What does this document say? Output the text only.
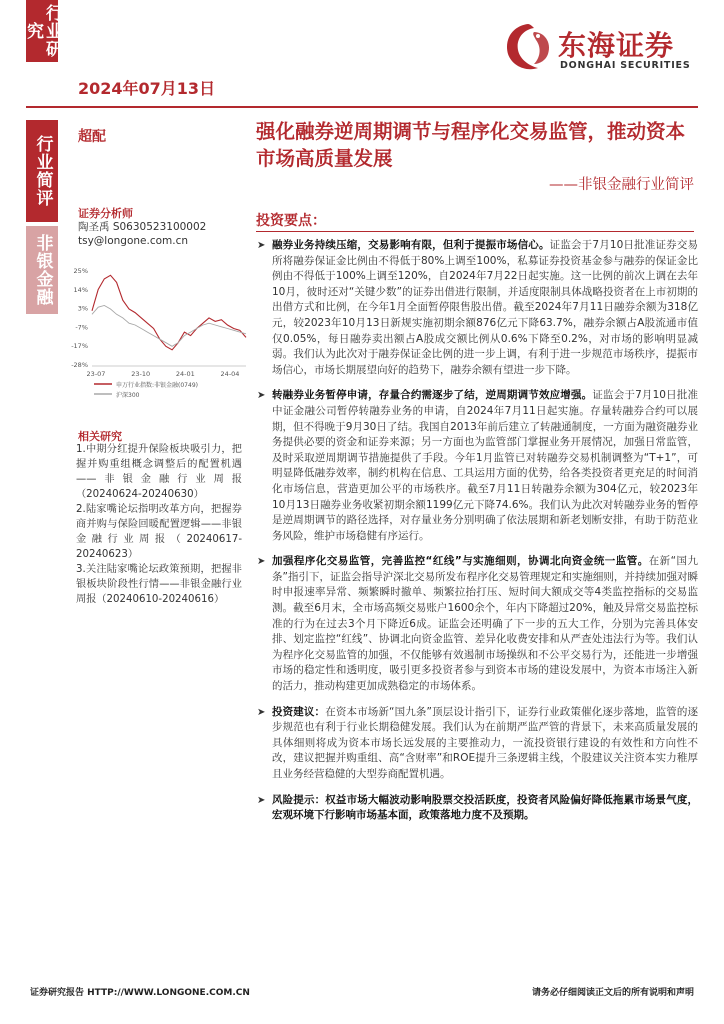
行业研究
行业简评
非银金融
2024年07月13日
东海证券
DONGHAI SECURITIES
超配	强化融券逆周期调节与程序化交易监管，推动资本市场高质量发展
——非银金融行业简评
证券分析师
陶圣禹 S0630523100002
tsy@longone.com.cn
25%
14%
3%
-7%
-17%
-28%
23-07	23-10	24-01	24-04
申万行业指数:非银金融(0749)
沪深300
相关研究

1.中期分红提升保险板块吸引力，把握并购重组概念调整后的配置机遇——非银金融行业周报（20240624-20240630）

2.陆家嘴论坛指明改革方向，把握券商并购与保险回暖配置逻辑——非银金融行业周报（20240617-20240623）

3.关注陆家嘴论坛政策预期，把握非银板块阶段性行情——非银金融行业周报（20240610-20240616）

投资要点：
➤ 融券业务持续压缩，交易影响有限，但利于提振市场信心。证监会于7月10日批准证券交易所将融券保证金比例由不得低于80%上调至100%，私募证券投资基金参与融券的保证金比例由不得低于100%上调至120%，自2024年7月22日起实施。这一比例的前次上调在去年10月，彼时还对“关键少数”的证券出借进行限制，并适度限制具体战略投资者在上市初期的出借方式和比例，在今年1月全面暂停限售股出借。截至2024年7月11日融券余额为318亿元，较2023年10月13日新规实施初期余额876亿元下降63.7%，融券余额占A股流通市值仅0.05%，每日融券卖出额占A股成交额比例从0.6%下降至0.2%，对市场的影响明显减弱。我们认为此次对于融券保证金比例的进一步上调，有利于进一步规范市场秩序，提振市场信心，市场长期展望向好的趋势下，融券余额有望进一步下降。
➤ 转融券业务暂停申请，存量合约需逐步了结，逆周期调节效应增强。证监会于7月10日批准中证金融公司暂停转融券业务的申请，自2024年7月11日起实施。存量转融券合约可以展期，但不得晚于9月30日了结。我国自2013年前后建立了转融通制度，一方面为融资融券业务提供必要的资金和证券来源；另一方面也为监管部门掌握业务开展情况，加强日常监管，及时采取逆周期调节措施提供了手段。今年1月监管已对转融券交易机制调整为“T+1”，可明显降低融券效率，制约机构在信息、工具运用方面的优势，给各类投资者更充足的时间消化市场信息，营造更加公平的市场秩序。截至7月11日转融券余额为304亿元，较2023年10月13日融券业务收紧初期余额1199亿元下降74.6%。我们认为此次对转融券业务的暂停是逆周期调节的路径选择，对存量业务分别明确了依法展期和新老划断安排，有助于防范业务风险，维护市场稳健有序运行。
➤ 加强程序化交易监管，完善监控“红线”与实施细则，协调北向资金统一监管。在新“国九条”指引下，证监会指导沪深北交易所发布程序化交易管理规定和实施细则，并持续加强对瞬时申报速率异常、频繁瞬时撤单、频繁拉抬打压、短时间大额成交等4类监控指标的交易监测。截至6月末，全市场高频交易账户1600余个，年内下降超过20%，触及异常交易监控标准的行为在过去3个月下降近6成。证监会还明确了下一步的五大工作，分别为完善具体安排、划定监控“红线”、协调北向资金监管、差异化收费安排和从严查处违法行为等。我们认为程序化交易监管的加强，不仅能够有效遏制市场操纵和不公平交易行为，还能进一步增强市场的稳定性和透明度，吸引更多投资者参与到资本市场的建设发展中，为资本市场注入新的活力，推动构建更加成熟稳定的市场体系。
➤ 投资建议：在资本市场新“国九条”顶层设计指引下，证券行业政策催化逐步落地，监管的逐步规范也有利于行业长期稳健发展。我们认为在前期严监严管的背景下，未来高质量发展的具体细则将成为资本市场长远发展的主要推动力，一流投资银行建设的有效性和方向性不改，建议把握并购重组、高“含财率”和ROE提升三条逻辑主线，个股建议关注资本实力稚厚且业务经营稳健的大型券商配置机遇。
➤ 风险提示：权益市场大幅波动影响股票交投活跃度，投资者风险偏好降低拖累市场景气度，宏观环境下行影响市场基本面，政策落地力度不及预期。
证券研究报告 HTTP://WWW.LONGONE.COM.CN	请务必仔细阅读正文后的所有说明和声明
